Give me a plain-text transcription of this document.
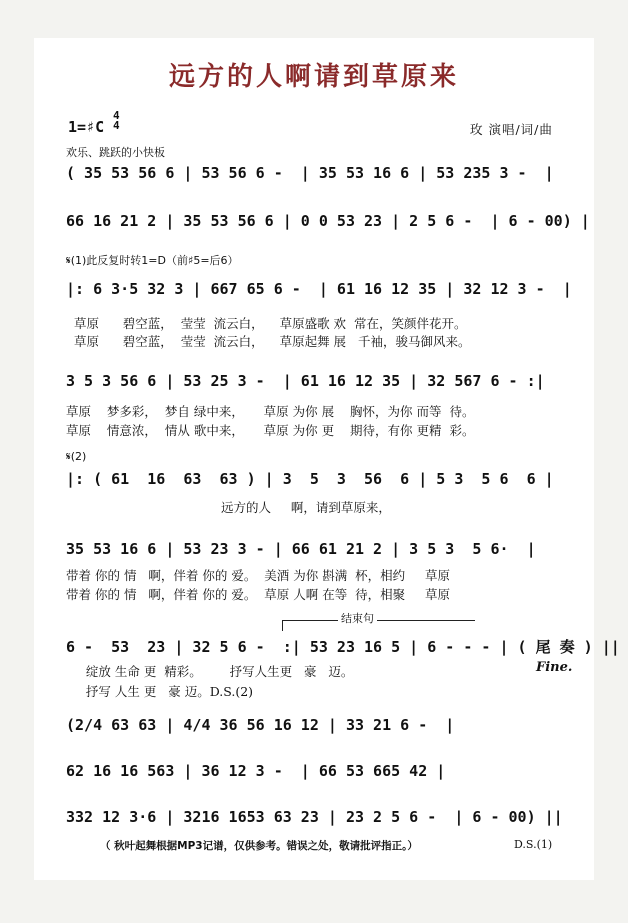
远方的人啊请到草原来
1=♯C
4
4	玫 演唱/词/曲
欢乐、跳跃的小快板
( 35 53 56 6 | 53 56 6 -  | 35 53 16 6 | 53 235 3 -  |
66 16 21 2 | 35 53 56 6 | 0 0 53 23 | 2 5 6 -  | 6 - 00) |
𝄋(1)此反复时转1=D（前♯5=后6）
|: 6 3·5 32 3 | 667 65 6 -  | 61 16 12 35 | 32 12 3 -  |
草原      碧空蓝，  莹莹  流云白，    草原盛歌 欢  常在，笑颜伴花开。
草原      碧空蓝，  莹莹  流云白，    草原起舞 展   千袖，骏马御风来。
3 5 3 56 6 | 53 25 3 -  | 61 16 12 35 | 32 567 6 - :|
草原    梦多彩，  梦自 绿中来，     草原 为你 展    胸怀，为你 而等  待。
草原    情意浓，  情从 歌中来，     草原 为你 更    期待，有你 更精  彩。
𝄋(2)
|: ( 61  16  63  63 ) | 3  5  3  56  6 | 5 3  5 6  6 |
远方的人     啊，请到草原来，
35 53 16 6 | 53 23 3 - | 66 61 21 2 | 3 5 3  5 6·  |
带着 你的 情   啊，伴着 你的 爱。  美酒 为你 斟满  杯，相约     草原
带着 你的 情   啊，伴着 你的 爱。  草原 人啊 在等  待，相聚     草原
结束句
6 -  53  23 | 32 5 6 -  :| 53 23 16 5 | 6 - - - | ( 尾 奏 ) ||
绽放 生命 更  精彩。       抒写人生更   豪   迈。	Fine.
抒写 人生 更   豪 迈。D.S.(2)
(2/4 63 63 | 4/4 36 56 16 12 | 33 21 6 -  |
62 16 16 563 | 36 12 3 -  | 66 53 665 42 |
332 12 3·6 | 3216 1653 63 23 | 23 2 5 6 -  | 6 - 00) ||
（ 秋叶起舞根据MP3记谱，仅供参考。错误之处，敬请批评指正。）	D.S.(1)
